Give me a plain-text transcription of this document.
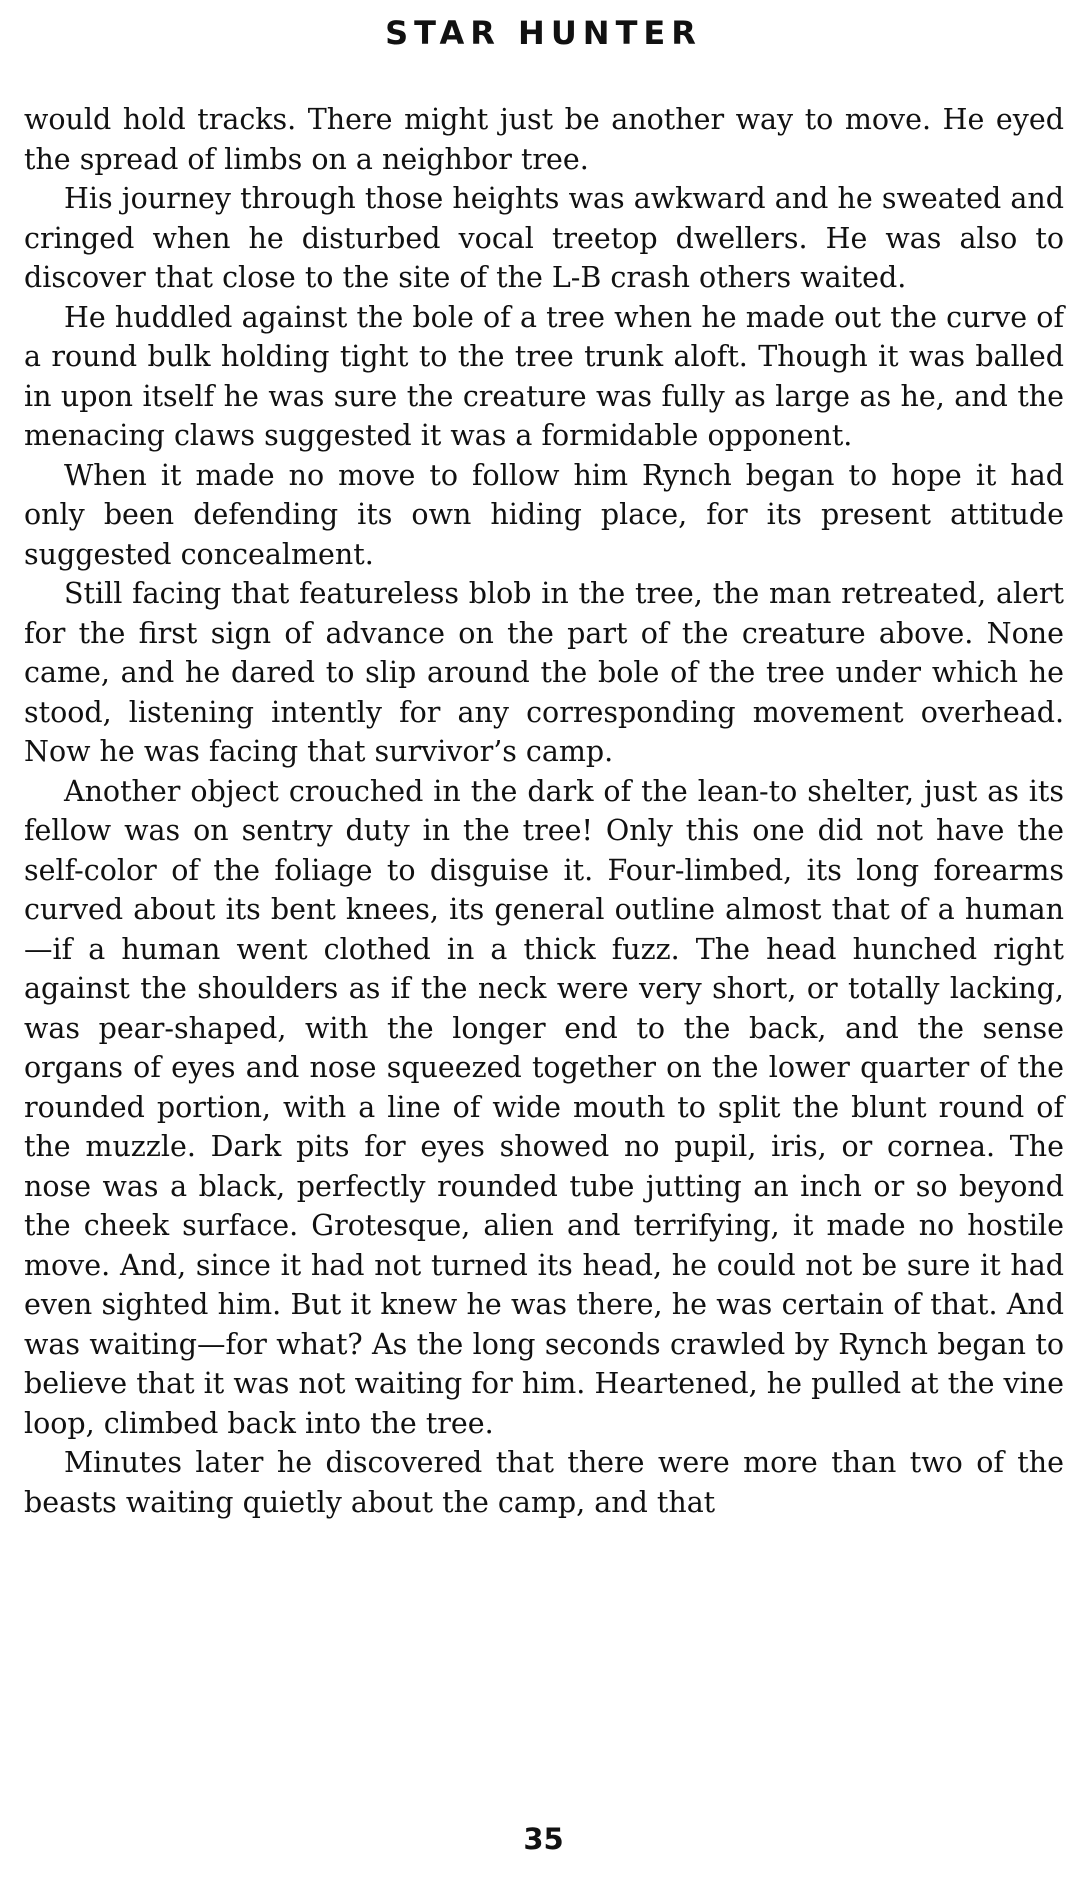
STAR HUNTER

would hold tracks. There might just be another way to move. He eyed the spread of limbs on a neighbor tree.

His journey through those heights was awkward and he sweated and cringed when he disturbed vocal treetop dwellers. He was also to discover that close to the site of the L-B crash others waited.

He huddled against the bole of a tree when he made out the curve of a round bulk holding tight to the tree trunk aloft. Though it was balled in upon itself he was sure the creature was fully as large as he, and the menacing claws suggested it was a formidable opponent.

When it made no move to follow him Rynch began to hope it had only been defending its own hiding place, for its present attitude suggested concealment.

Still facing that featureless blob in the tree, the man retreated, alert for the first sign of advance on the part of the creature above. None came, and he dared to slip around the bole of the tree under which he stood, listening intently for any corresponding movement overhead. Now he was facing that survivor’s camp.

Another object crouched in the dark of the lean-to shelter, just as its fellow was on sentry duty in the tree! Only this one did not have the self-color of the foliage to disguise it. Four-limbed, its long forearms curved about its bent knees, its general outline almost that of a human—if a human went clothed in a thick fuzz. The head hunched right against the shoulders as if the neck were very short, or totally lacking, was pear-shaped, with the longer end to the back, and the sense organs of eyes and nose squeezed together on the lower quarter of the rounded portion, with a line of wide mouth to split the blunt round of the muzzle. Dark pits for eyes showed no pupil, iris, or cornea. The nose was a black, perfectly rounded tube jutting an inch or so beyond the cheek surface. Grotesque, alien and terrifying, it made no hostile move. And, since it had not turned its head, he could not be sure it had even sighted him. But it knew he was there, he was certain of that. And was waiting—for what? As the long seconds crawled by Rynch began to believe that it was not waiting for him. Heartened, he pulled at the vine loop, climbed back into the tree.

Minutes later he discovered that there were more than two of the beasts waiting quietly about the camp, and that

35
